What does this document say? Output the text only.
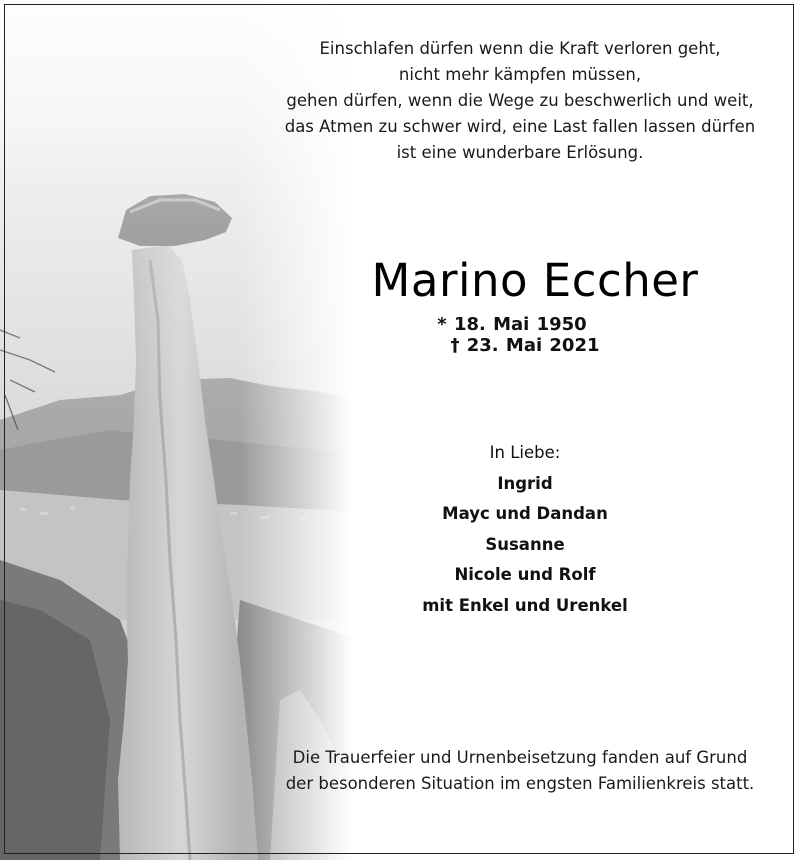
Einschlafen dürfen wenn die Kraft verloren geht,
nicht mehr kämpfen müssen,
gehen dürfen, wenn die Wege zu beschwerlich und weit,
das Atmen zu schwer wird, eine Last fallen lassen dürfen
ist eine wunderbare Erlösung.
Marino Eccher
* 18. Mai 1950† 23. Mai 2021
In Liebe:
Ingrid
Mayc und Dandan
Susanne
Nicole und Rolf
mit Enkel und Urenkel
Die Trauerfeier und Urnenbeisetzung fanden auf Grund
der besonderen Situation im engsten Familienkreis statt.
